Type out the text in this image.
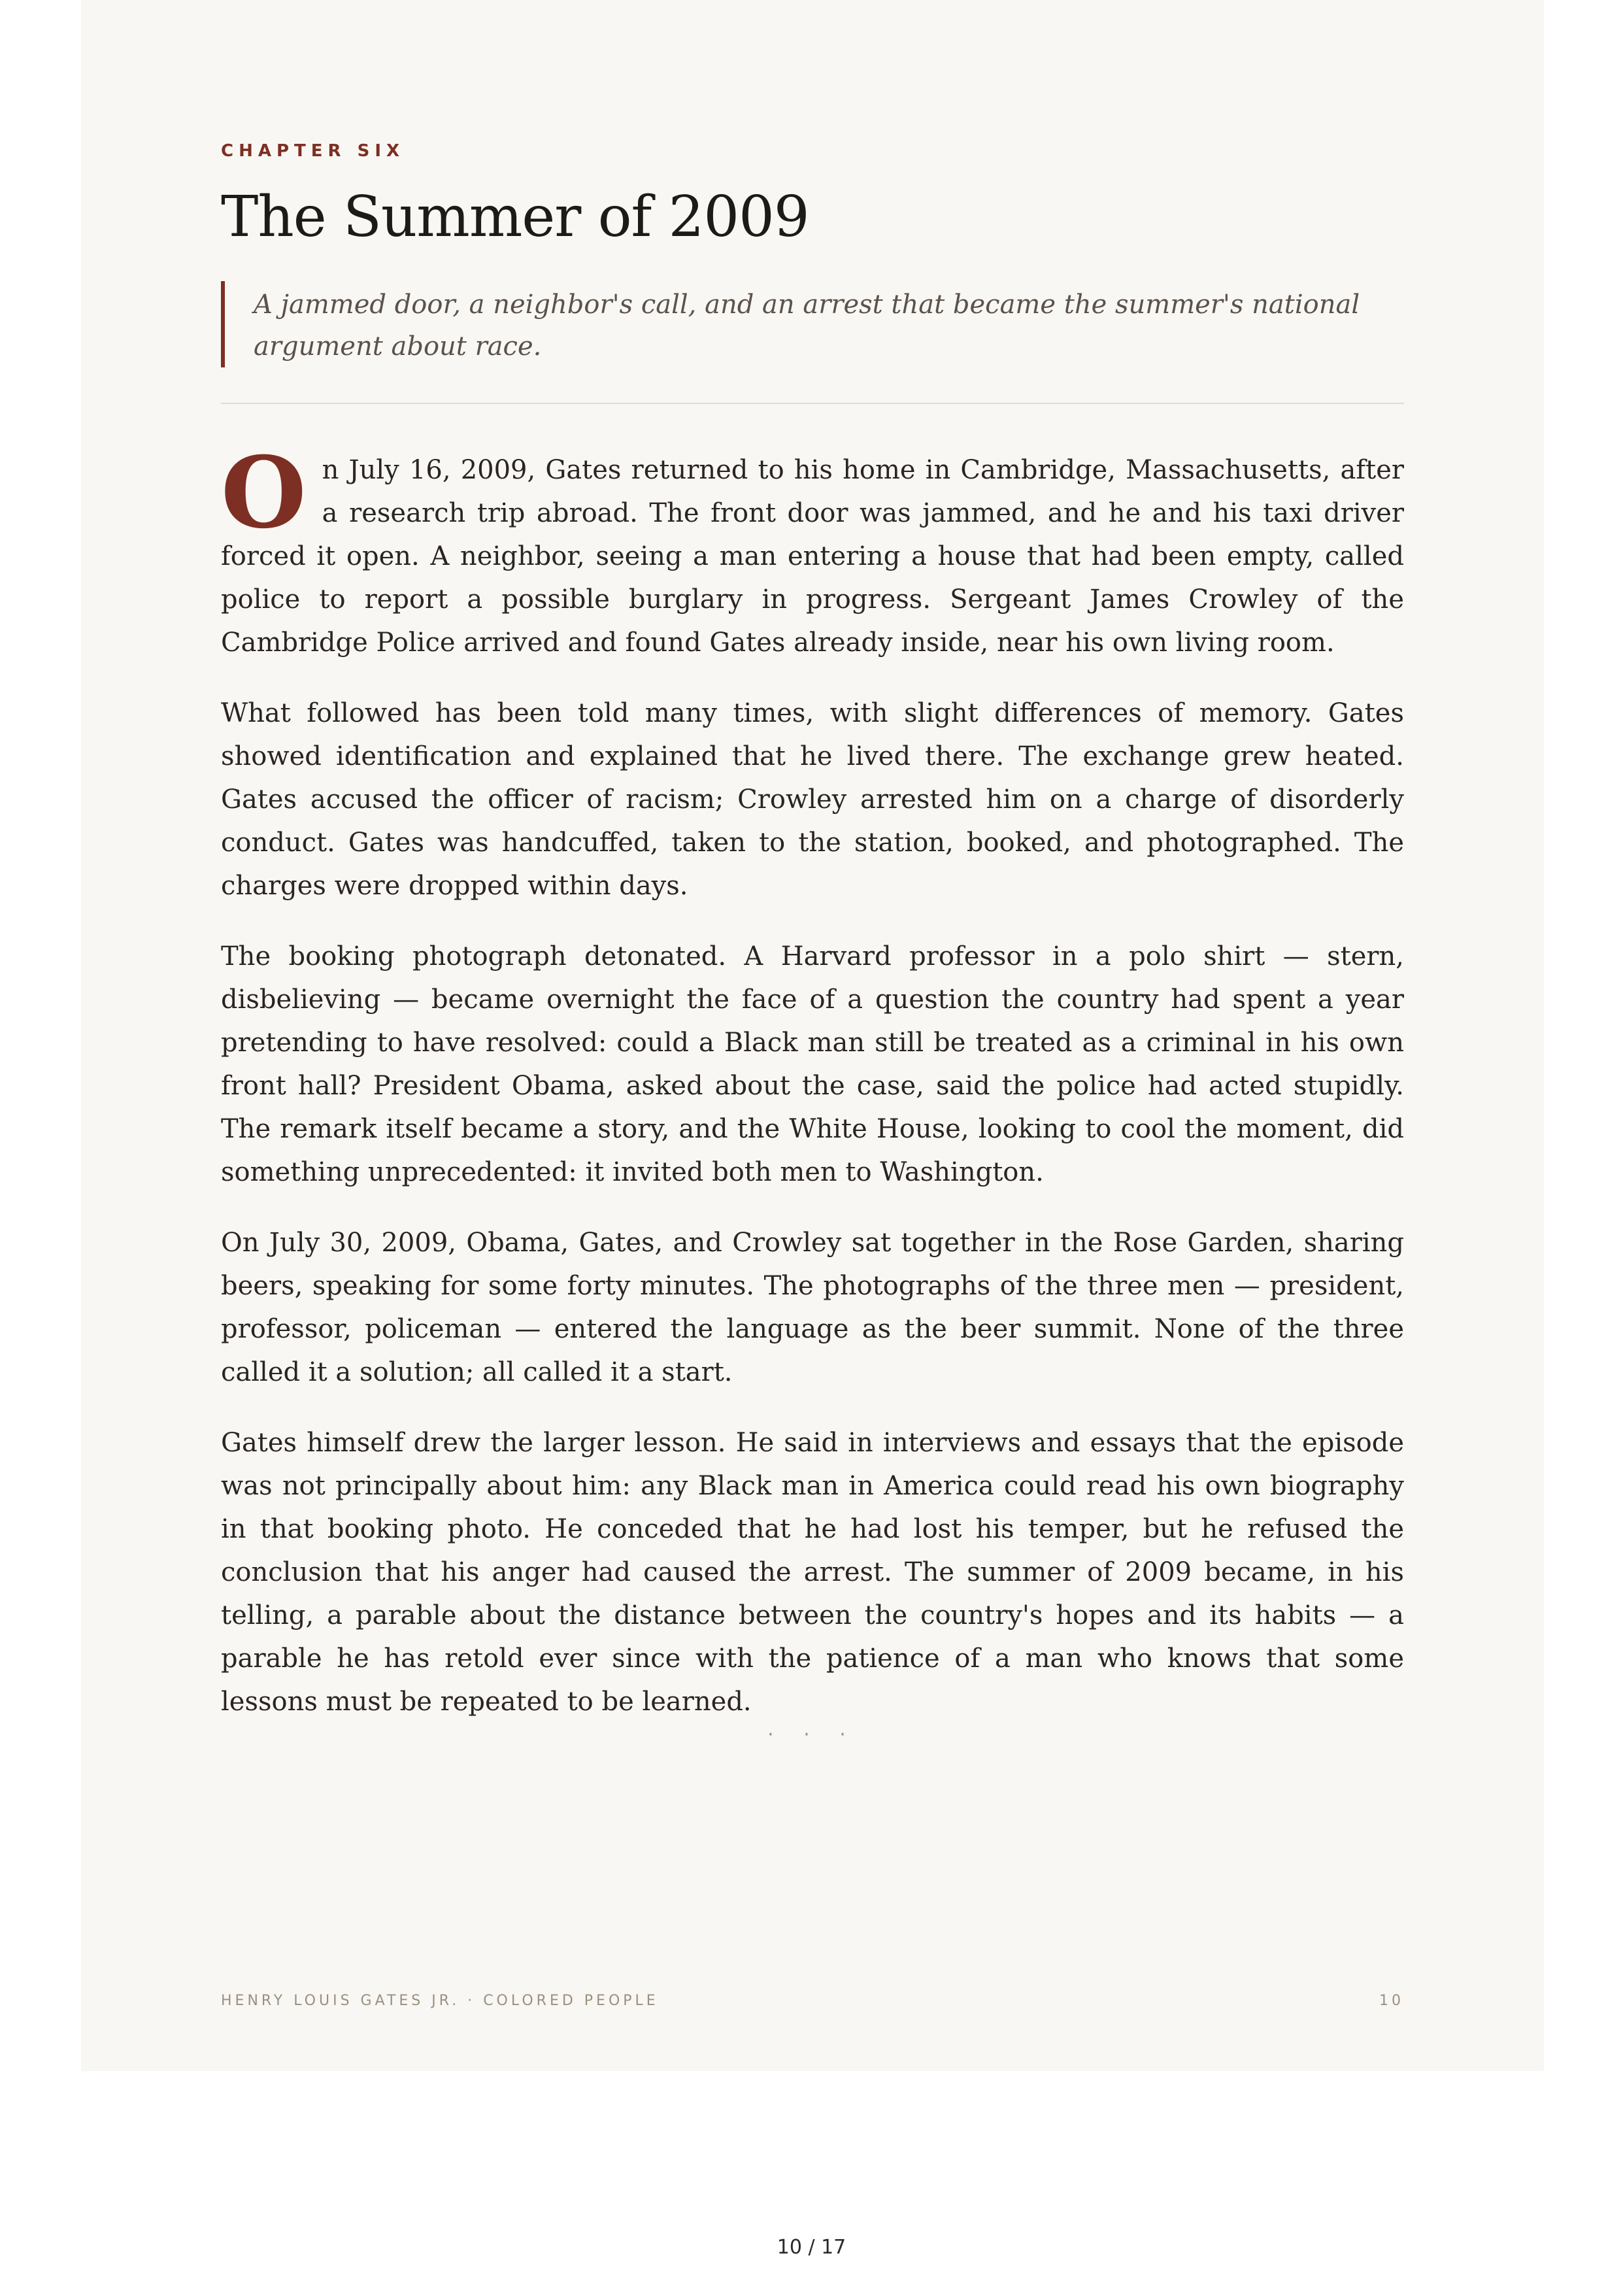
CHAPTER SIX
The Summer of 2009

A jammed door, a neighbor's call, and an arrest that became the summer's national argument about race.

On July 16, 2009, Gates returned to his home in Cambridge, Massachusetts, after a research trip abroad. The front door was jammed, and he and his taxi driver forced it open. A neighbor, seeing a man entering a house that had been empty, called police to report a possible burglary in progress. Sergeant James Crowley of the Cambridge Police arrived and found Gates already inside, near his own living room.

What followed has been told many times, with slight differences of memory. Gates showed identification and explained that he lived there. The exchange grew heated. Gates accused the officer of racism; Crowley arrested him on a charge of disorderly conduct. Gates was handcuffed, taken to the station, booked, and photographed. The charges were dropped within days.

The booking photograph detonated. A Harvard professor in a polo shirt — stern, disbelieving — became overnight the face of a question the country had spent a year pretending to have resolved: could a Black man still be treated as a criminal in his own front hall? President Obama, asked about the case, said the police had acted stupidly. The remark itself became a story, and the White House, looking to cool the moment, did something unprecedented: it invited both men to Washington.

On July 30, 2009, Obama, Gates, and Crowley sat together in the Rose Garden, sharing beers, speaking for some forty minutes. The photographs of the three men — president, professor, policeman — entered the language as the beer summit. None of the three called it a solution; all called it a start.

Gates himself drew the larger lesson. He said in interviews and essays that the episode was not principally about him: any Black man in America could read his own biography in that booking photo. He conceded that he had lost his temper, but he refused the conclusion that his anger had caused the arrest. The summer of 2009 became, in his telling, a parable about the distance between the country's hopes and its habits — a parable he has retold ever since with the patience of a man who knows that some lessons must be repeated to be learned.

· · ·
HENRY LOUIS GATES JR. · COLORED PEOPLE	10
10 / 17
